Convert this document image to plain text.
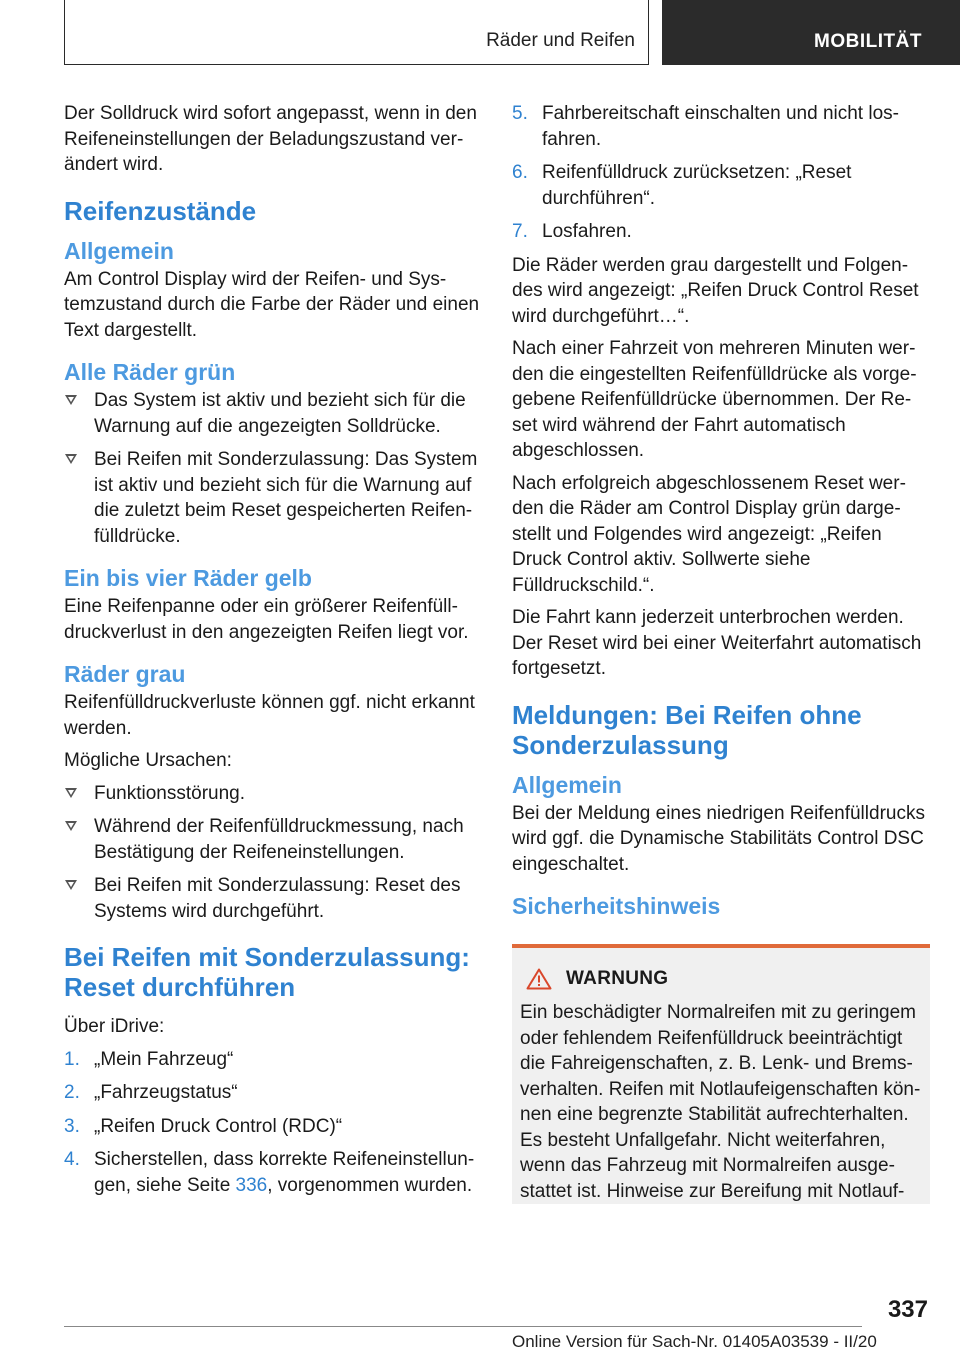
Räder und Reifen	MOBILITÄT

Der Solldruck wird sofort angepasst, wenn in den Reifeneinstellungen der Beladungszustand verändert wird.

Reifenzustände
Allgemein

Am Control Display wird der Reifen- und Systemzustand durch die Farbe der Räder und einen Text dargestellt.

Alle Räder grün
Das System ist aktiv und bezieht sich für die Warnung auf die angezeigten Solldrücke.
Bei Reifen mit Sonderzulassung: Das System ist aktiv und bezieht sich für die Warnung auf die zuletzt beim Reset gespeicherten Reifenfülldrücke.
Ein bis vier Räder gelb

Eine Reifenpanne oder ein größerer Reifenfülldruckverlust in den angezeigten Reifen liegt vor.

Räder grau

Reifenfülldruckverluste können ggf. nicht erkannt werden.

Mögliche Ursachen:

Funktionsstörung.
Während der Reifenfülldruckmessung, nach Bestätigung der Reifeneinstellungen.
Bei Reifen mit Sonderzulassung: Reset des Systems wird durchgeführt.
Bei Reifen mit Sonderzulassung: Reset durchführen

Über iDrive:

1. „Mein Fahrzeug“
2. „Fahrzeugstatus“
3. „Reifen Druck Control (RDC)“
4. Sicherstellen, dass korrekte Reifeneinstellungen, siehe Seite 336, vorgenommen wurden.
5. Fahrbereitschaft einschalten und nicht losfahren.
6. Reifenfülldruck zurücksetzen: „Reset durchführen“.
7. Losfahren.

Die Räder werden grau dargestellt und Folgendes wird angezeigt: „Reifen Druck Control Reset wird durchgeführt…“.

Nach einer Fahrzeit von mehreren Minuten werden die eingestellten Reifenfülldrücke als vorgegebene Reifenfülldrücke übernommen. Der Reset wird während der Fahrt automatisch abgeschlossen.

Nach erfolgreich abgeschlossenem Reset werden die Räder am Control Display grün dargestellt und Folgendes wird angezeigt: „Reifen Druck Control aktiv. Sollwerte siehe Fülldruckschild.“.

Die Fahrt kann jederzeit unterbrochen werden. Der Reset wird bei einer Weiterfahrt automatisch fortgesetzt.

Meldungen: Bei Reifen ohne Sonderzulassung
Allgemein

Bei der Meldung eines niedrigen Reifenfülldrucks wird ggf. die Dynamische Stabilitäts Control DSC eingeschaltet.

Sicherheitshinweis
WARNUNG

Ein beschädigter Normalreifen mit zu geringem oder fehlendem Reifenfülldruck beeinträchtigt die Fahreigenschaften, z. B. Lenk- und Bremsverhalten. Reifen mit Notlaufeigenschaften können eine begrenzte Stabilität aufrechterhalten. Es besteht Unfallgefahr. Nicht weiterfahren, wenn das Fahrzeug mit Normalreifen ausgestattet ist. Hinweise zur Bereifung mit Notlauf-

337
Online Version für Sach-Nr. 01405A03539 - II/20
